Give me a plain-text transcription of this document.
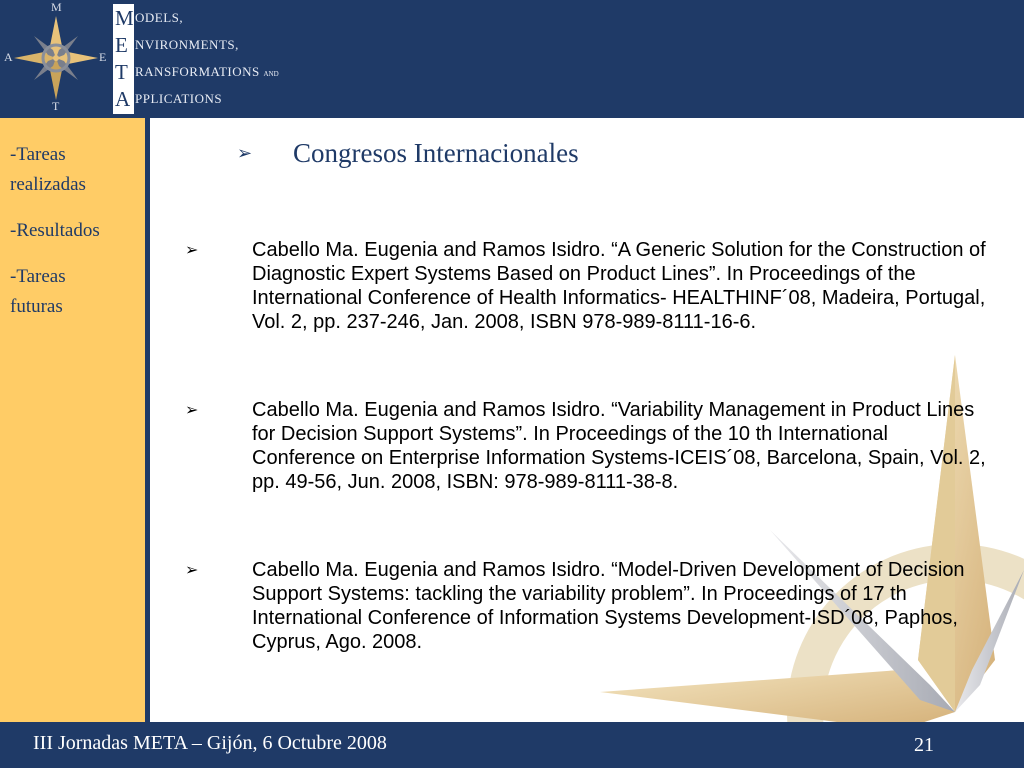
M
A	E
T
M
E
T
A
ODELS,
NVIRONMENTS,
RANSFORMATIONS AND
PPLICATIONS
-Tareas
realizadas
-Resultados
-Tareas
futuras
➢ Congresos Internacionales
➢	Cabello Ma. Eugenia and Ramos Isidro. “A Generic Solution for the Construction of Diagnostic Expert Systems Based on Product Lines”. In Proceedings of the International Conference of Health Informatics- HEALTHINF´08, Madeira, Portugal, Vol. 2, pp. 237-246, Jan. 2008, ISBN 978-989-8111-16-6.
➢	Cabello Ma. Eugenia and Ramos Isidro. “Variability Management in Product Lines for Decision Support Systems”. In Proceedings of the 10 th International Conference on Enterprise Information Systems-ICEIS´08, Barcelona, Spain, Vol. 2, pp. 49-56, Jun. 2008, ISBN: 978-989-8111-38-8.
➢	Cabello Ma. Eugenia and Ramos Isidro. “Model-Driven Development of Decision Support Systems: tackling the variability problem”. In Proceedings of 17 th International Conference of Information Systems Development-ISD´08, Paphos, Cyprus, Ago. 2008.
III Jornadas META – Gijón, 6 Octubre 2008	21
